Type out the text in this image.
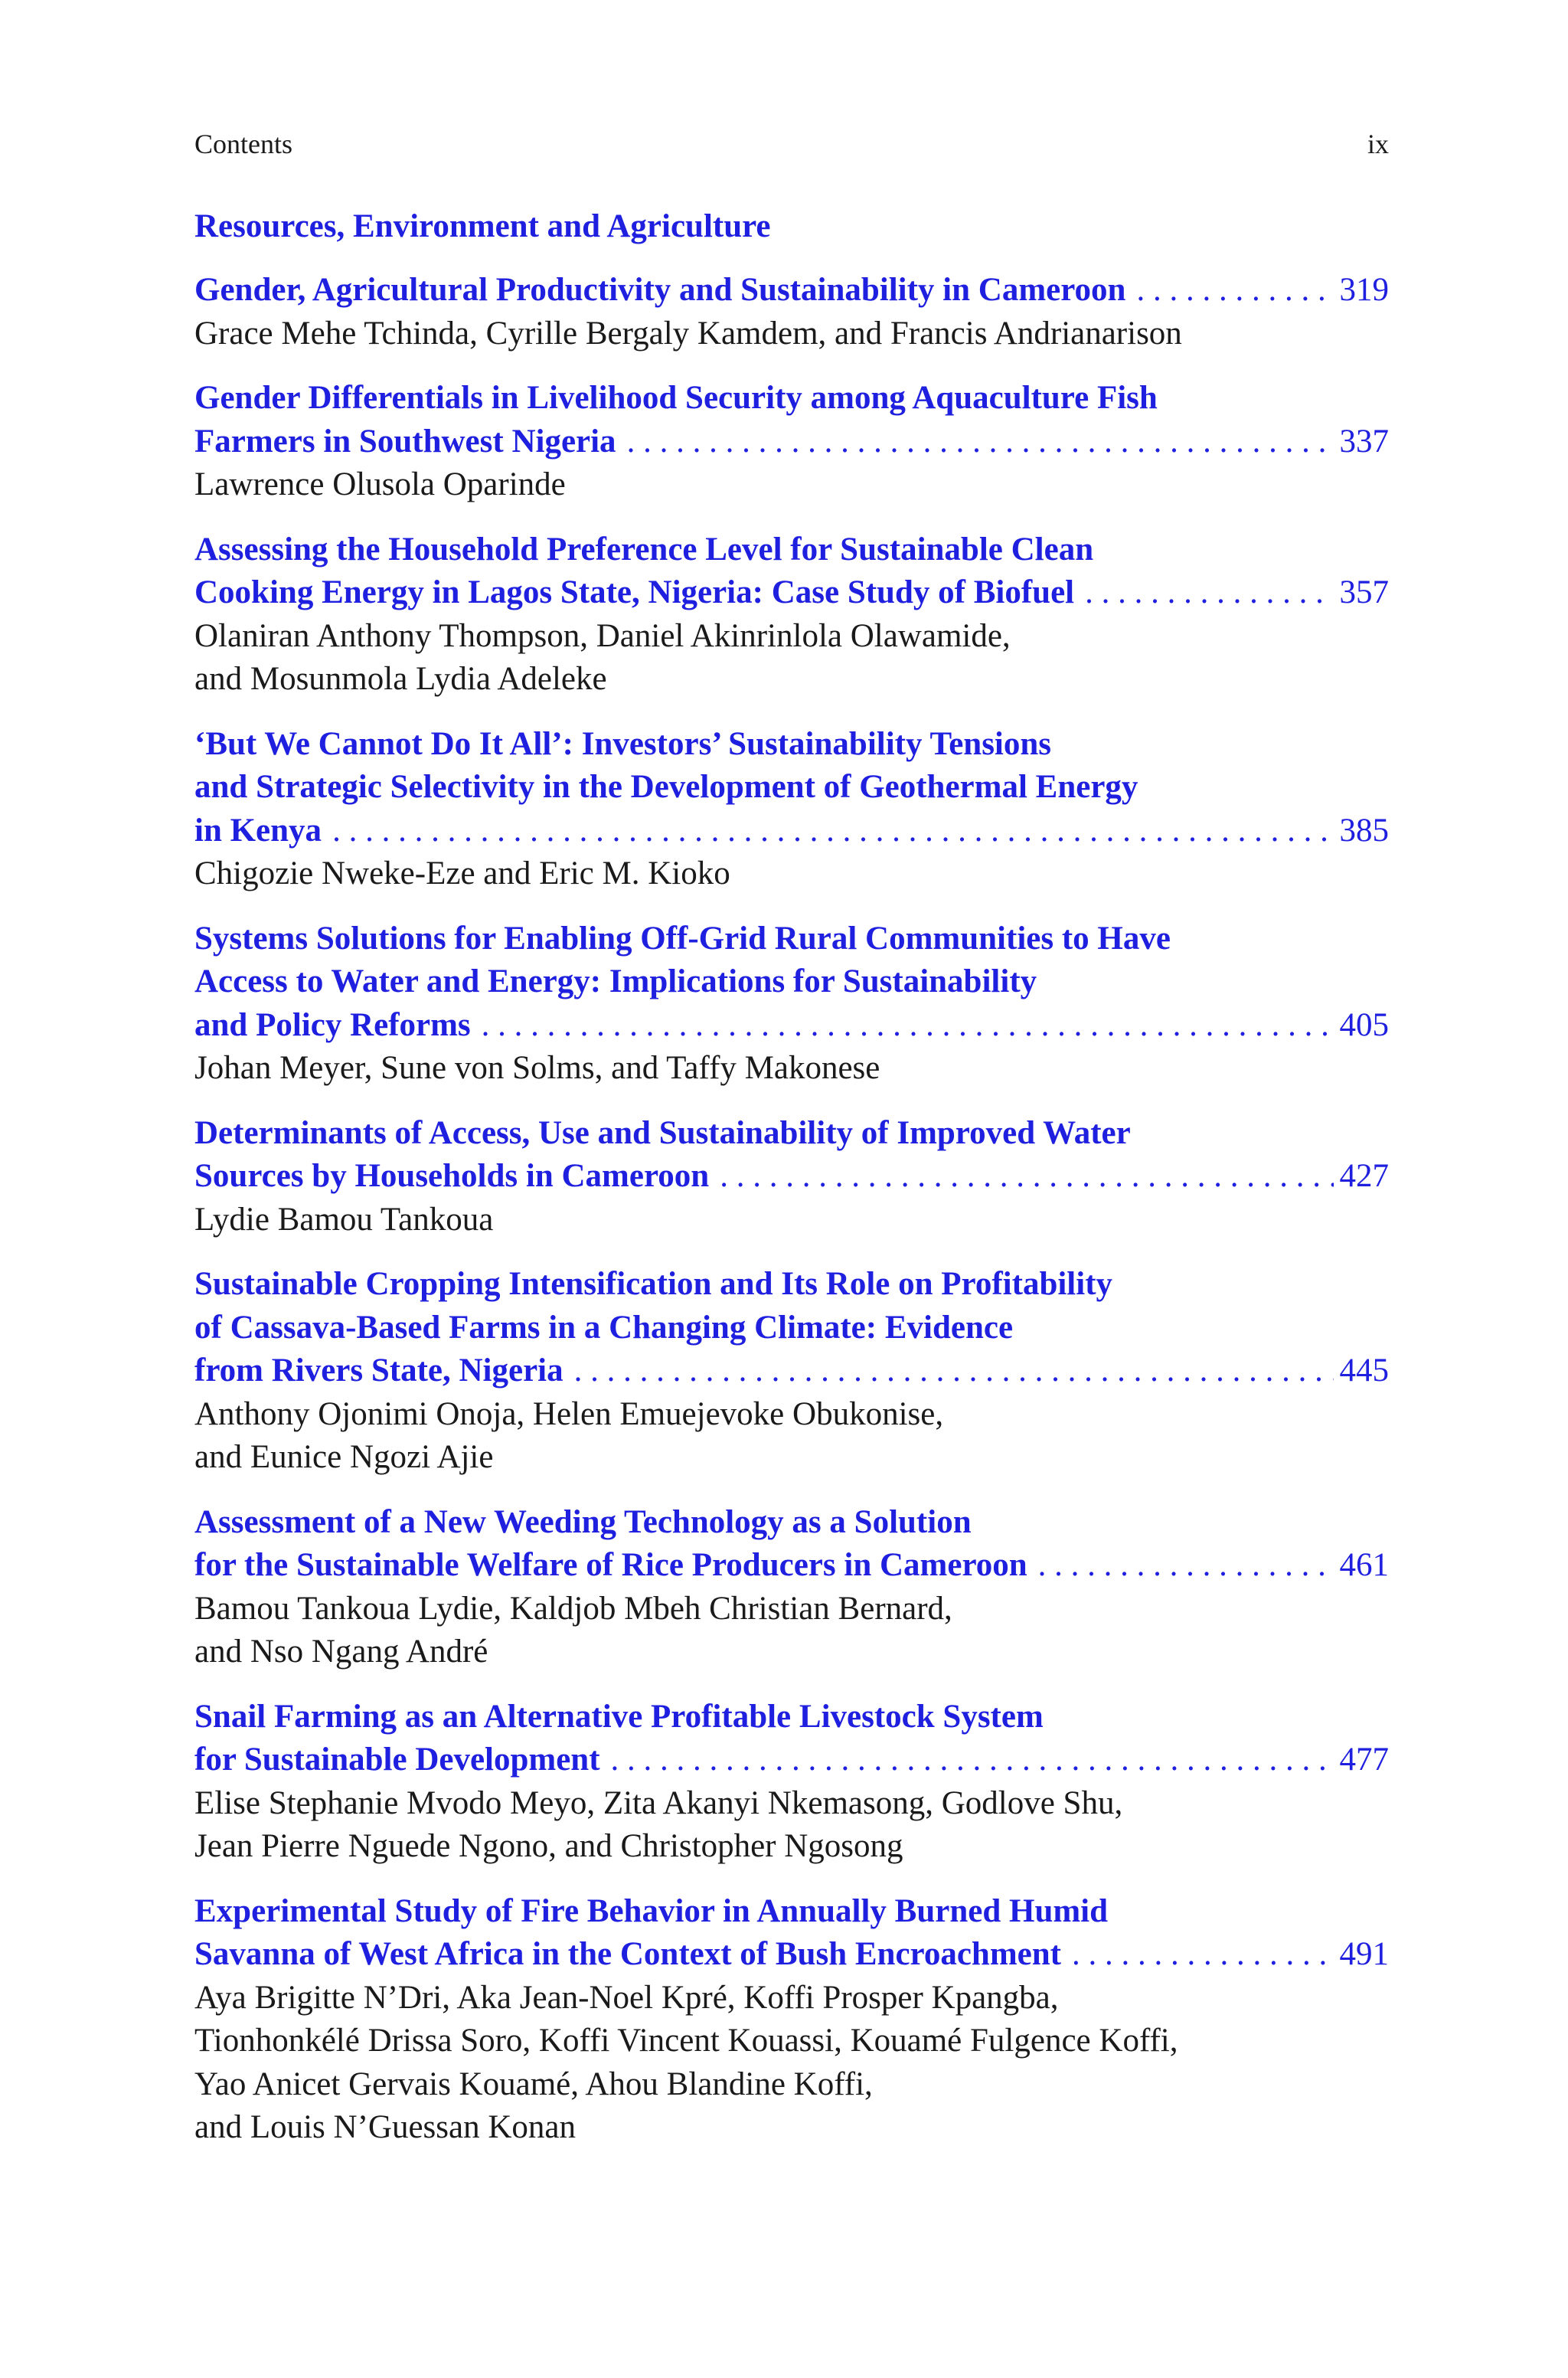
Contents	ix
Resources, Environment and Agriculture
Gender, Agricultural Productivity and Sustainability in Cameroon . . .	319
Grace Mehe Tchinda, Cyrille Bergaly Kamdem, and Francis Andrianarison
Gender Differentials in Livelihood Security among Aquaculture Fish
Farmers in Southwest Nigeria . . .	337
Lawrence Olusola Oparinde
Assessing the Household Preference Level for Sustainable Clean
Cooking Energy in Lagos State, Nigeria: Case Study of Biofuel . . .	357
Olaniran Anthony Thompson, Daniel Akinrinlola Olawamide,
and Mosunmola Lydia Adeleke
‘But We Cannot Do It All’: Investors’ Sustainability Tensions
and Strategic Selectivity in the Development of Geothermal Energy
in Kenya . . .	385
Chigozie Nweke-Eze and Eric M. Kioko
Systems Solutions for Enabling Off-Grid Rural Communities to Have
Access to Water and Energy: Implications for Sustainability
and Policy Reforms . . .	405
Johan Meyer, Sune von Solms, and Taffy Makonese
Determinants of Access, Use and Sustainability of Improved Water
Sources by Households in Cameroon . . .	427
Lydie Bamou Tankoua
Sustainable Cropping Intensification and Its Role on Profitability
of Cassava-Based Farms in a Changing Climate: Evidence
from Rivers State, Nigeria . . .	445
Anthony Ojonimi Onoja, Helen Emuejevoke Obukonise,
and Eunice Ngozi Ajie
Assessment of a New Weeding Technology as a Solution
for the Sustainable Welfare of Rice Producers in Cameroon . . .	461
Bamou Tankoua Lydie, Kaldjob Mbeh Christian Bernard,
and Nso Ngang André
Snail Farming as an Alternative Profitable Livestock System
for Sustainable Development . . .	477
Elise Stephanie Mvodo Meyo, Zita Akanyi Nkemasong, Godlove Shu,
Jean Pierre Nguede Ngono, and Christopher Ngosong
Experimental Study of Fire Behavior in Annually Burned Humid
Savanna of West Africa in the Context of Bush Encroachment . . .	491
Aya Brigitte N’Dri, Aka Jean-Noel Kpré, Koffi Prosper Kpangba,
Tionhonkélé Drissa Soro, Koffi Vincent Kouassi, Kouamé Fulgence Koffi,
Yao Anicet Gervais Kouamé, Ahou Blandine Koffi,
and Louis N’Guessan Konan
